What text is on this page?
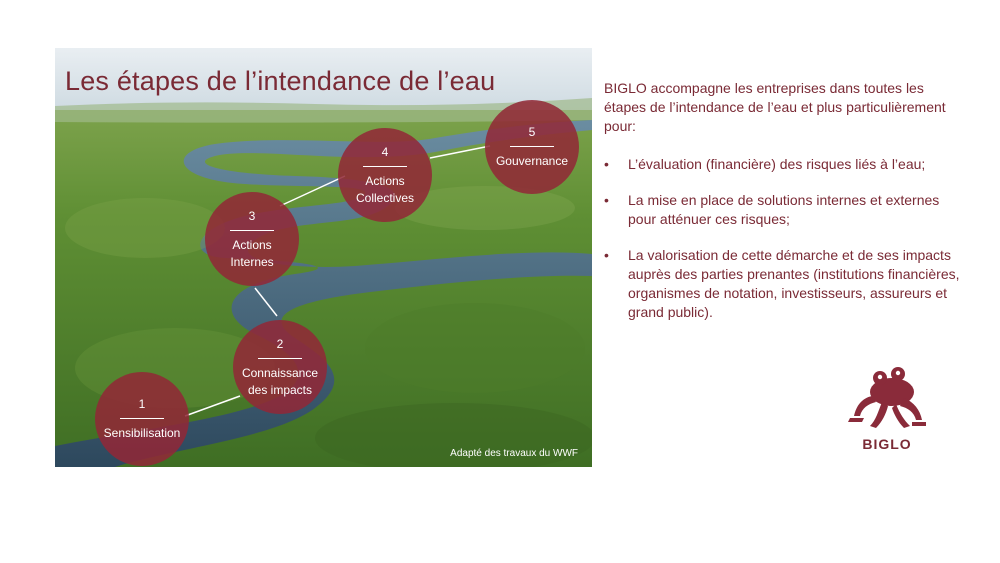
Les étapes de l’intendance de l’eau
1
Sensibilisation
2
Connaissance
des impacts
3
Actions
Internes
4
Actions
Collectives
5
Gouvernance
Adapté des travaux du WWF

BIGLO accompagne les entreprises dans toutes les étapes de l’intendance de l’eau et plus particulièrement pour:

• L’évaluation (financière) des risques liés à l’eau;
• La mise en place de solutions internes et externes pour atténuer ces risques;
• La valorisation de cette démarche et de ses impacts auprès des parties prenantes (institutions financières, organismes de notation, investisseurs, assureurs et grand public).
BIGLO
